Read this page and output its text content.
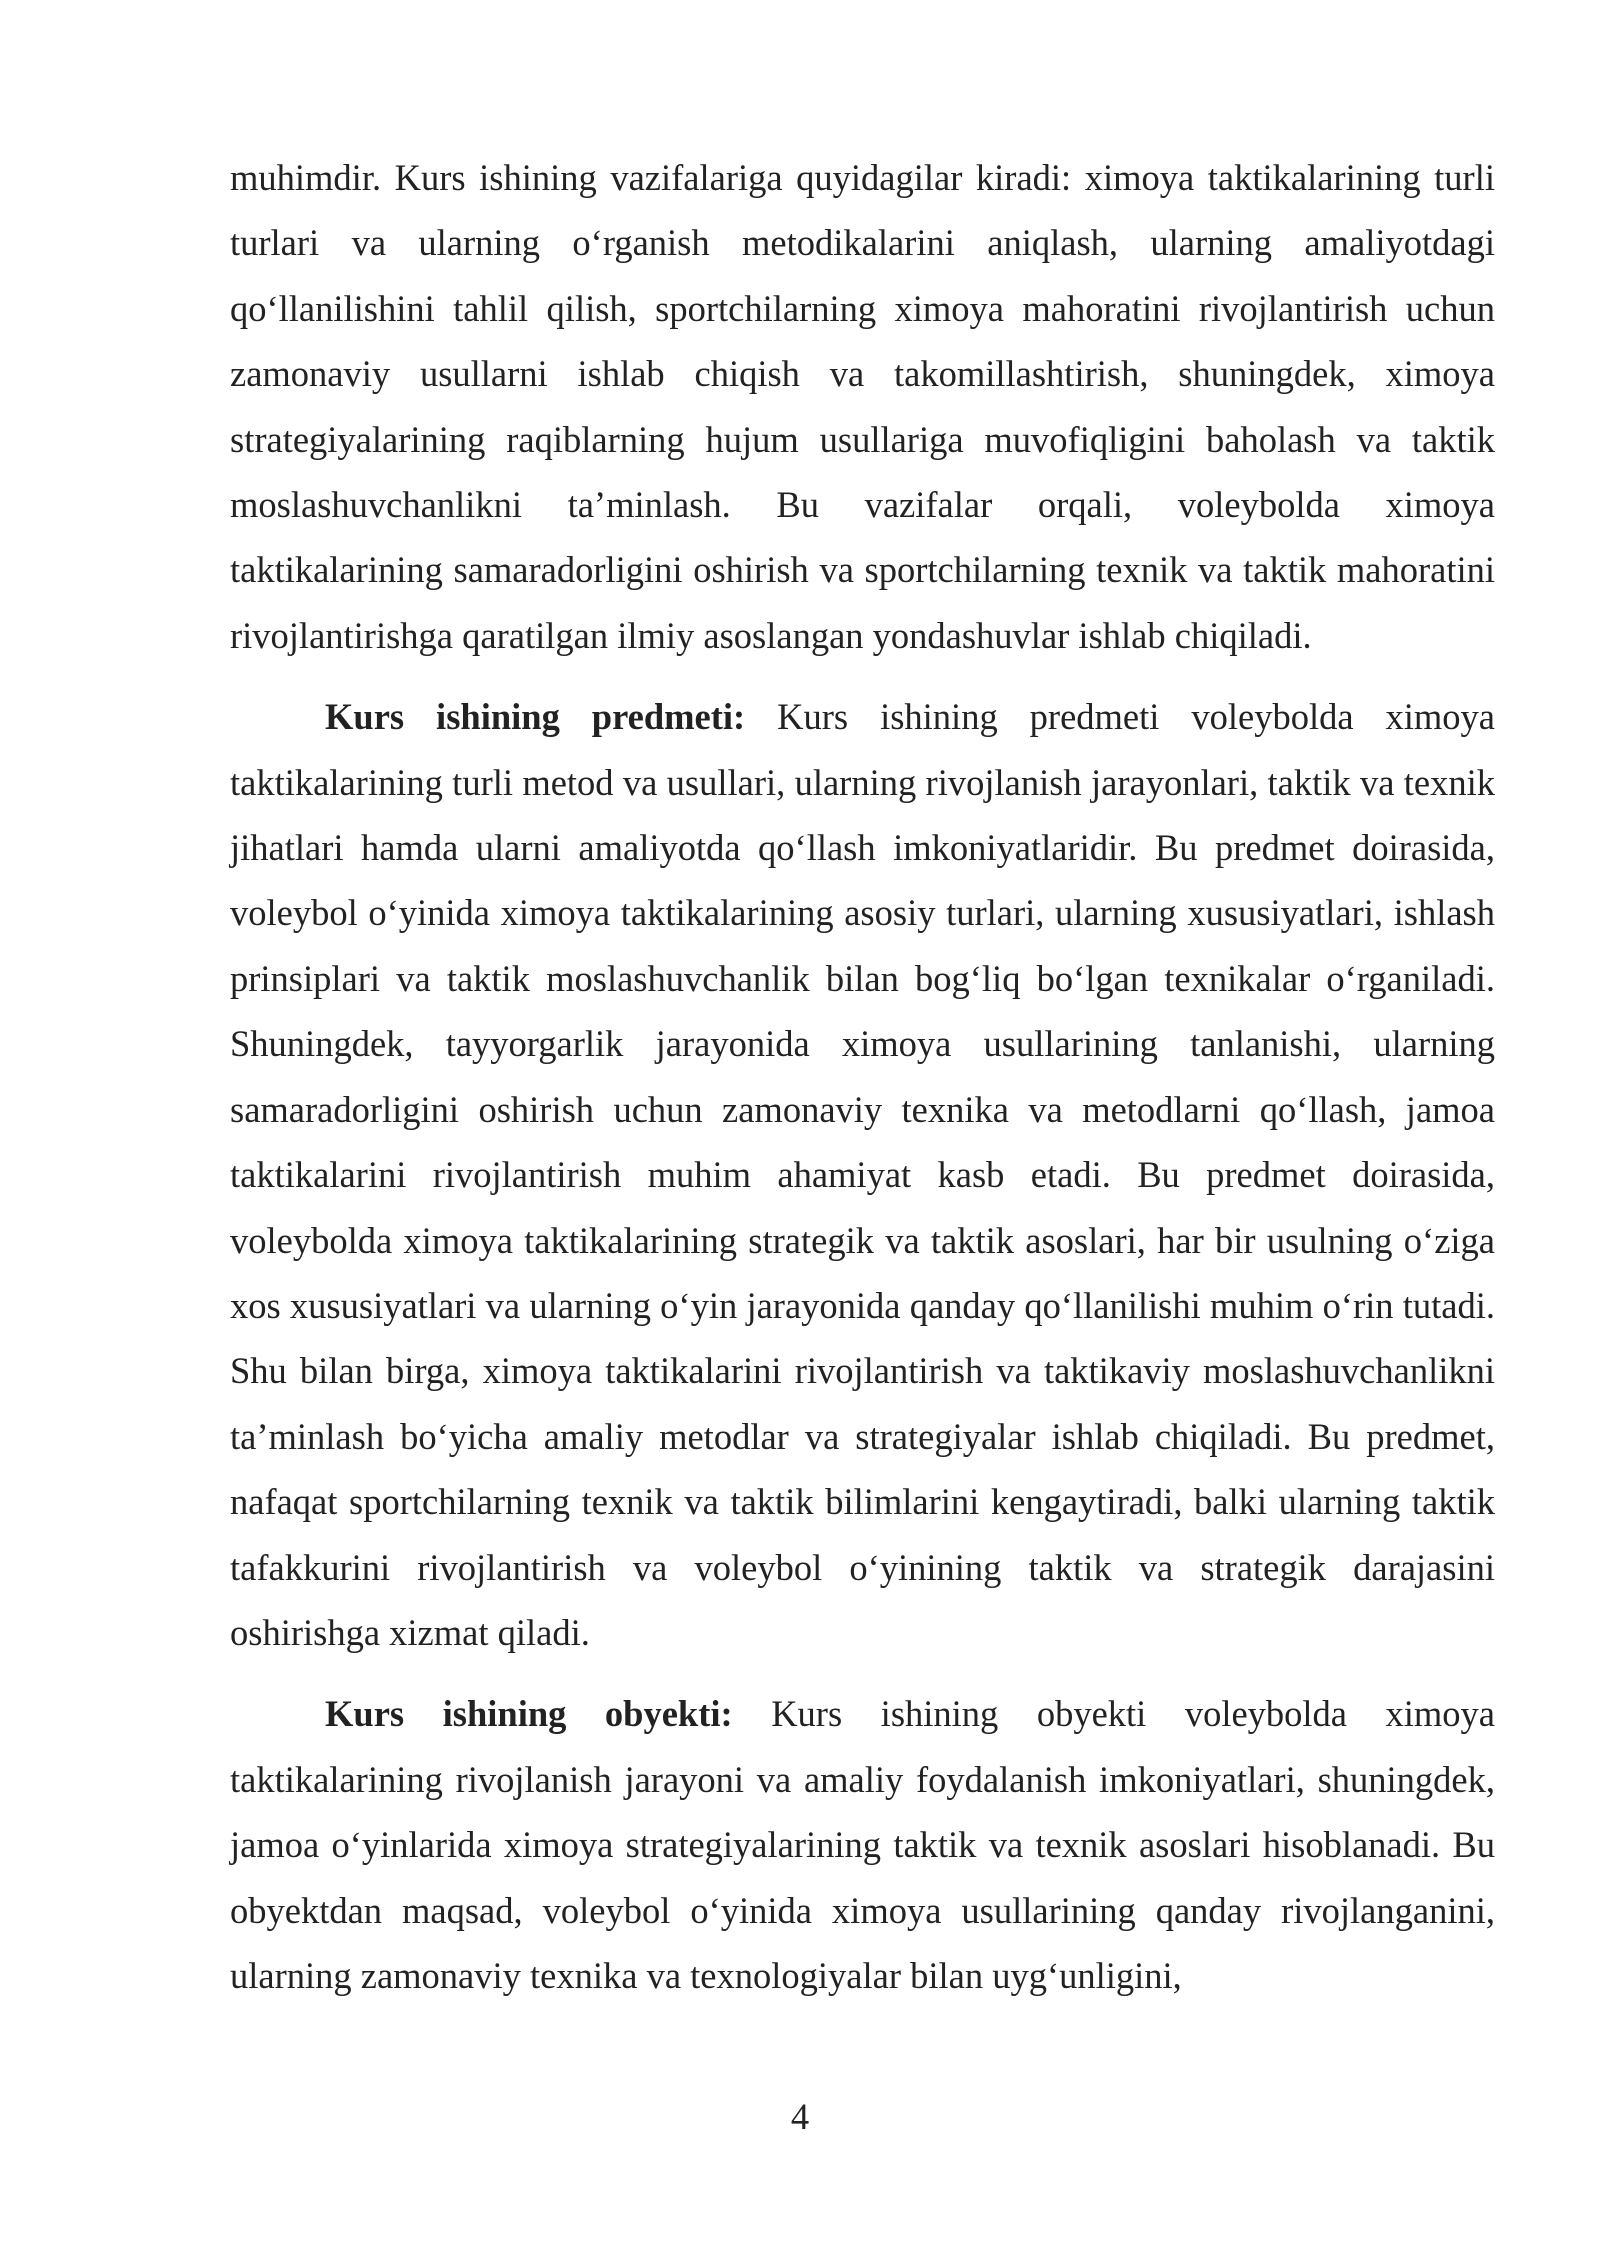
muhimdir. Kurs ishining vazifalariga quyidagilar kiradi: ximoya taktikalarining turli turlari va ularning o‘rganish metodikalarini aniqlash, ularning amaliyotdagi qo‘llanilishini tahlil qilish, sportchilarning ximoya mahoratini rivojlantirish uchun zamonaviy usullarni ishlab chiqish va takomillashtirish, shuningdek, ximoya strategiyalarining raqiblarning hujum usullariga muvofiqligini baholash va taktik moslashuvchanlikni ta’minlash. Bu vazifalar orqali, voleybolda ximoya taktikalarining samaradorligini oshirish va sportchilarning texnik va taktik mahoratini rivojlantirishga qaratilgan ilmiy asoslangan yondashuvlar ishlab chiqiladi.

Kurs ishining predmeti: Kurs ishining predmeti voleybolda ximoya taktikalarining turli metod va usullari, ularning rivojlanish jarayonlari, taktik va texnik jihatlari hamda ularni amaliyotda qo‘llash imkoniyatlaridir. Bu predmet doirasida, voleybol o‘yinida ximoya taktikalarining asosiy turlari, ularning xususiyatlari, ishlash prinsiplari va taktik moslashuvchanlik bilan bog‘liq bo‘lgan texnikalar o‘rganiladi. Shuningdek, tayyorgarlik jarayonida ximoya usullarining tanlanishi, ularning samaradorligini oshirish uchun zamonaviy texnika va metodlarni qo‘llash, jamoa taktikalarini rivojlantirish muhim ahamiyat kasb etadi. Bu predmet doirasida, voleybolda ximoya taktikalarining strategik va taktik asoslari, har bir usulning o‘ziga xos xususiyatlari va ularning o‘yin jarayonida qanday qo‘llanilishi muhim o‘rin tutadi. Shu bilan birga, ximoya taktikalarini rivojlantirish va taktikaviy moslashuvchanlikni ta’minlash bo‘yicha amaliy metodlar va strategiyalar ishlab chiqiladi. Bu predmet, nafaqat sportchilarning texnik va taktik bilimlarini kengaytiradi, balki ularning taktik tafakkurini rivojlantirish va voleybol o‘yinining taktik va strategik darajasini oshirishga xizmat qiladi.

Kurs ishining obyekti: Kurs ishining obyekti voleybolda ximoya taktikalarining rivojlanish jarayoni va amaliy foydalanish imkoniyatlari, shuningdek, jamoa o‘yinlarida ximoya strategiyalarining taktik va texnik asoslari hisoblanadi. Bu obyektdan maqsad, voleybol o‘yinida ximoya usullarining qanday rivojlanganini, ularning zamonaviy texnika va texnologiyalar bilan uyg‘unligini,

4
